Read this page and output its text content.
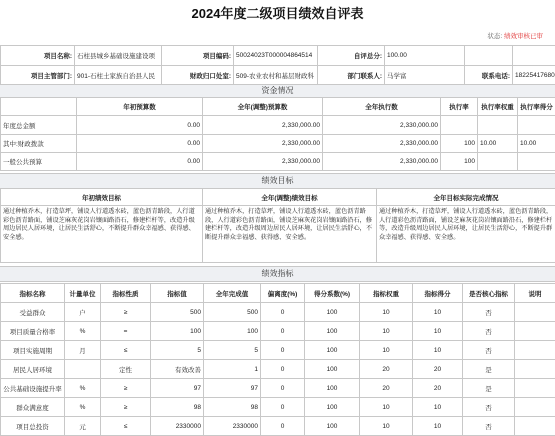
2024年度二级项目绩效自评表
状态: 绩效审核已审
项目名称:	石柱县城乡基础设施建设项	项目编码:	50024023T000004864514	自评总分:	100.00		
项目主管部门:	901-石柱土家族自治县人民	财政归口处室:	509-农业农村和基层财政科	部门联系人:	马学富	联系电话:	18225417680
资金情况
	年初预算数	全年(调整)预算数	全年执行数	执行率	执行率权重	执行率得分
年度总金额	0.00	2,330,000.00	2,330,000.00			
其中:财政拨款	0.00	2,330,000.00	2,330,000.00	100	10.00	10.00
一般公共预算	0.00	2,330,000.00	2,330,000.00	100		
绩效目标
年初绩效目标	全年(调整)绩效目标	全年目标实际完成情况
通过种植乔木，打造草坪，铺设人行道透水砖，蓝色沥青路段，人行道彩色沥青路面，铺设芝麻灰花岗岩镶面路沿石，修建栏杆等，改造升级周边居民人居环境，让居民生活舒心，不断提升群众幸福感、获得感、安全感。	通过种植乔木，打造草坪，铺设人行道透水砖，蓝色沥青路段，人行道彩色沥青路面，铺设芝麻灰花岗岩镶面路沿石，修建栏杆等，改造升级周边居民人居环境，让居民生活舒心，不断提升群众幸福感、获得感、安全感。	通过种植乔木，打造草坪，铺设人行道透水砖，蓝色沥青路段，人行道彩色沥青路面，铺设芝麻灰花岗岩镶面路沿石，修建栏杆等，改造升级周边居民人居环境，让居民生活舒心，不断提升群众幸福感、获得感、安全感。
绩效指标
指标名称	计量单位	指标性质	指标值	全年完成值	偏离度(%)	得分系数(%)	指标权重	指标得分	是否核心指标	说明
受益群众	户	≥	500	500	0	100	10	10	否	
项目质量合格率	%	=	100	100	0	100	10	10	否	
项目实施周期	月	≤	5	5	0	100	10	10	否	
居民人居环境		定性	有效改善	1	0	100	20	20	是	
公共基础设施提升率	%	≥	97	97	0	100	20	20	是	
群众满意度	%	≥	98	98	0	100	10	10	否	
项目总投资	元	≤	2330000	2330000	0	100	10	10	否	
